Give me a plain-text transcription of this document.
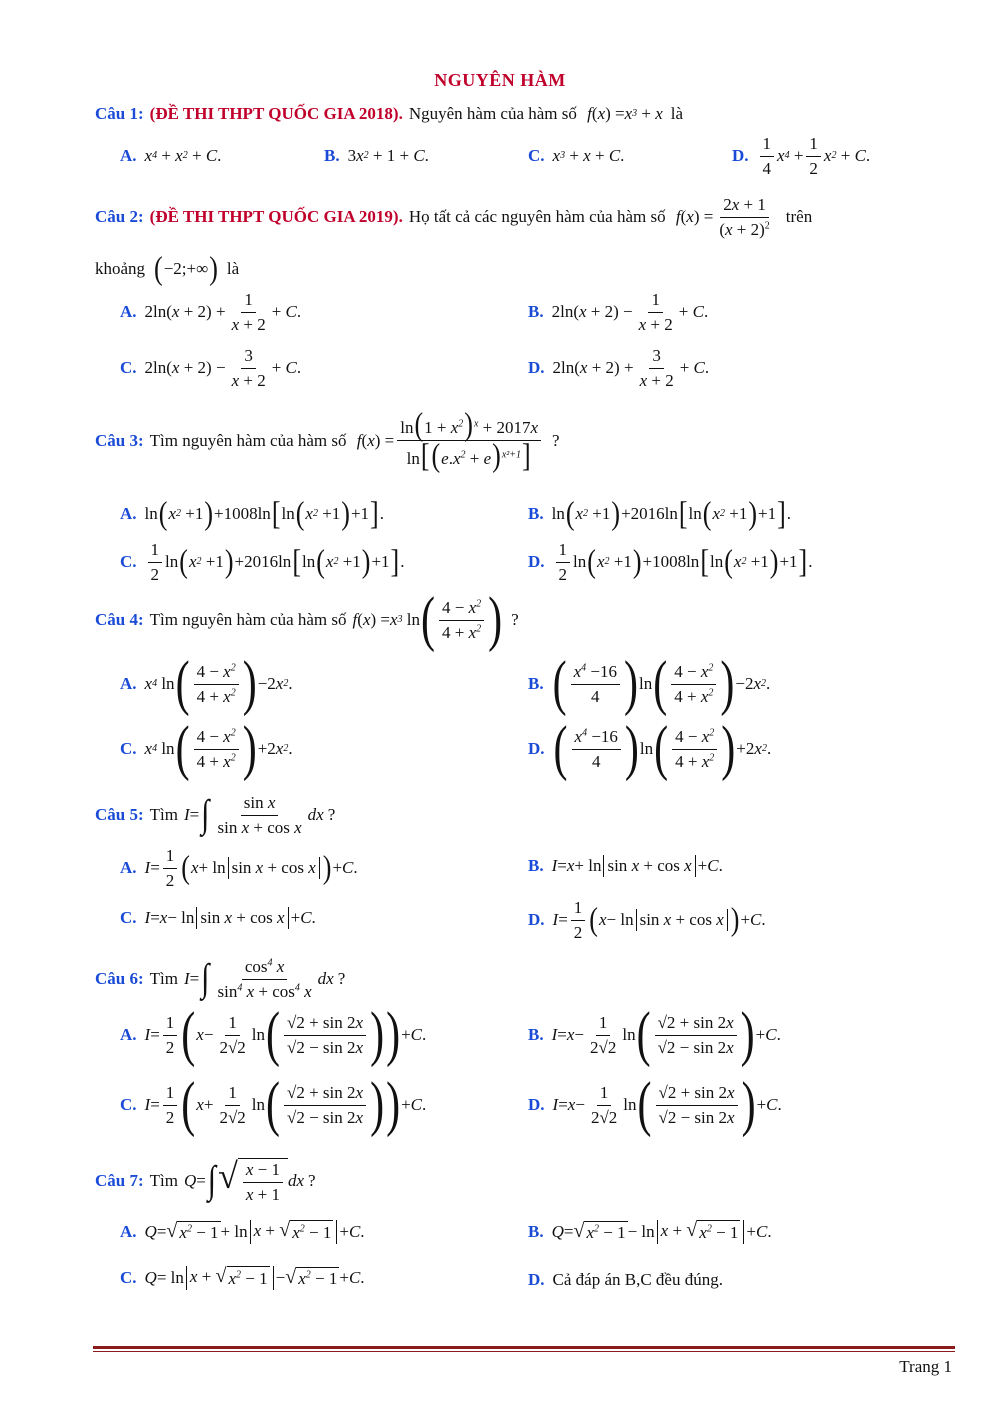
NGUYÊN HÀM
Câu 1: (ĐỀ THI THPT QUỐC GIA 2018). Nguyên hàm của hàm số f ( x ) = x 3 + x là
A. x 4 + x 2 + C .	B. 3 x 2 + 1 + C .	C. x 3 + x + C .	D. $\frac{1}{4}$ x $4 + \frac{1}{2}$ x 2 + C .
Câu 2: (ĐỀ THI THPT QUỐC GIA 2019). Họ tất cả các nguyên hàm của hàm số f ( x ) = $\frac{2x + 1}{(x + 2)^2}$ trên
khoảng ( −2;+∞ ) là
A. 2ln( $x + 2) + \frac{1}{x + 2} + C$ .	B. 2ln( $x + 2) - \frac{1}{x + 2} + C$ .
C. 2ln( $x + 2) - \frac{3}{x + 2} + C$ .	D. 2ln( $x + 2) + \frac{3}{x + 2} + C$ .
Câu 3: Tìm nguyên hàm của hàm số f ( x ) = $\frac{\ln(1 + x^2)^x + 2017x}{\ln[(e.x^2 + e)^{x^2+1}]}$ ?
A. ln ( x 2 +1 ) +1008ln [ ln ( x 2 +1 ) +1 ] .	B. ln ( x 2 +1 ) +2016ln [ ln ( x 2 +1 ) +1 ] .
C. $\frac{1}{2}$ ln ( x 2 +1 ) +2016ln [ ln ( x 2 +1 ) +1 ] .	D. $\frac{1}{2}$ ln ( x 2 +1 ) +1008ln [ ln ( x 2 +1 ) +1 ] .
Câu 4: Tìm nguyên hàm của hàm số f ( x ) = x 3 ln ( $\frac{4 - x^2}{4 + x^2}$ ) ?
A. x 4 ln ( $\frac{4 - x^2}{4 + x^2}$ ) −2 x 2 .	B. ( $\frac{x^4 -16}{4}$ ) ln ( $\frac{4 - x^2}{4 + x^2}$ ) −2 x 2 .
C. x 4 ln ( $\frac{4 - x^2}{4 + x^2}$ ) +2 x 2 .	D. ( $\frac{x^4 -16}{4}$ ) ln ( $\frac{4 - x^2}{4 + x^2}$ ) +2 x 2 .
Câu 5: Tìm I = ∫ $\frac{\text{sin x}}{\text{sin x + cos x}}$ dx ?
A. $I = \frac{1}{2}$ ( x + ln sin x + cos x ) + C .	B. I = x + ln sin x + cos x + C .
C. I = x − ln sin x + cos x + C .	D. $I = \frac{1}{2}$ ( x − ln sin x + cos x ) + C .
Câu 6: Tìm I = ∫ $\frac{\cos^4 x}{\sin^4 x + \cos^4 x}$ dx ?
A. $I = \frac{1}{2}$ ( $x - \frac{1}{2√2}$ ln ( $\frac{√2 + \sin 2x}{√2 - \sin 2x}$ ) ) + C .	B. $I = x - \frac{1}{2√2}$ ln ( $\frac{√2 + \sin 2x}{√2 - \sin 2x}$ ) + C .
C. $I = \frac{1}{2}$ ( $x + \frac{1}{2√2}$ ln ( $\frac{√2 + \sin 2x}{√2 - \sin 2x}$ ) ) + C .	D. $I = x - \frac{1}{2√2}$ ln ( $\frac{√2 + \sin 2x}{√2 - \sin 2x}$ ) + C .
Câu 7: Tìm Q = ∫ √ $\frac{x - 1}{x + 1}$ dx ?
A. Q = √ $x^2 - 1 + \ln x$ + √ $x^2 - 1 + C$ .	B. Q = √ $x^2 - 1 - \ln x$ + √ $x^2 - 1 + C$ .
C. Q = ln x + √ $x^2 - 1$ − √ $x^2 - 1 + C$ .	D. Cả đáp án B,C đều đúng.
Trang 1
